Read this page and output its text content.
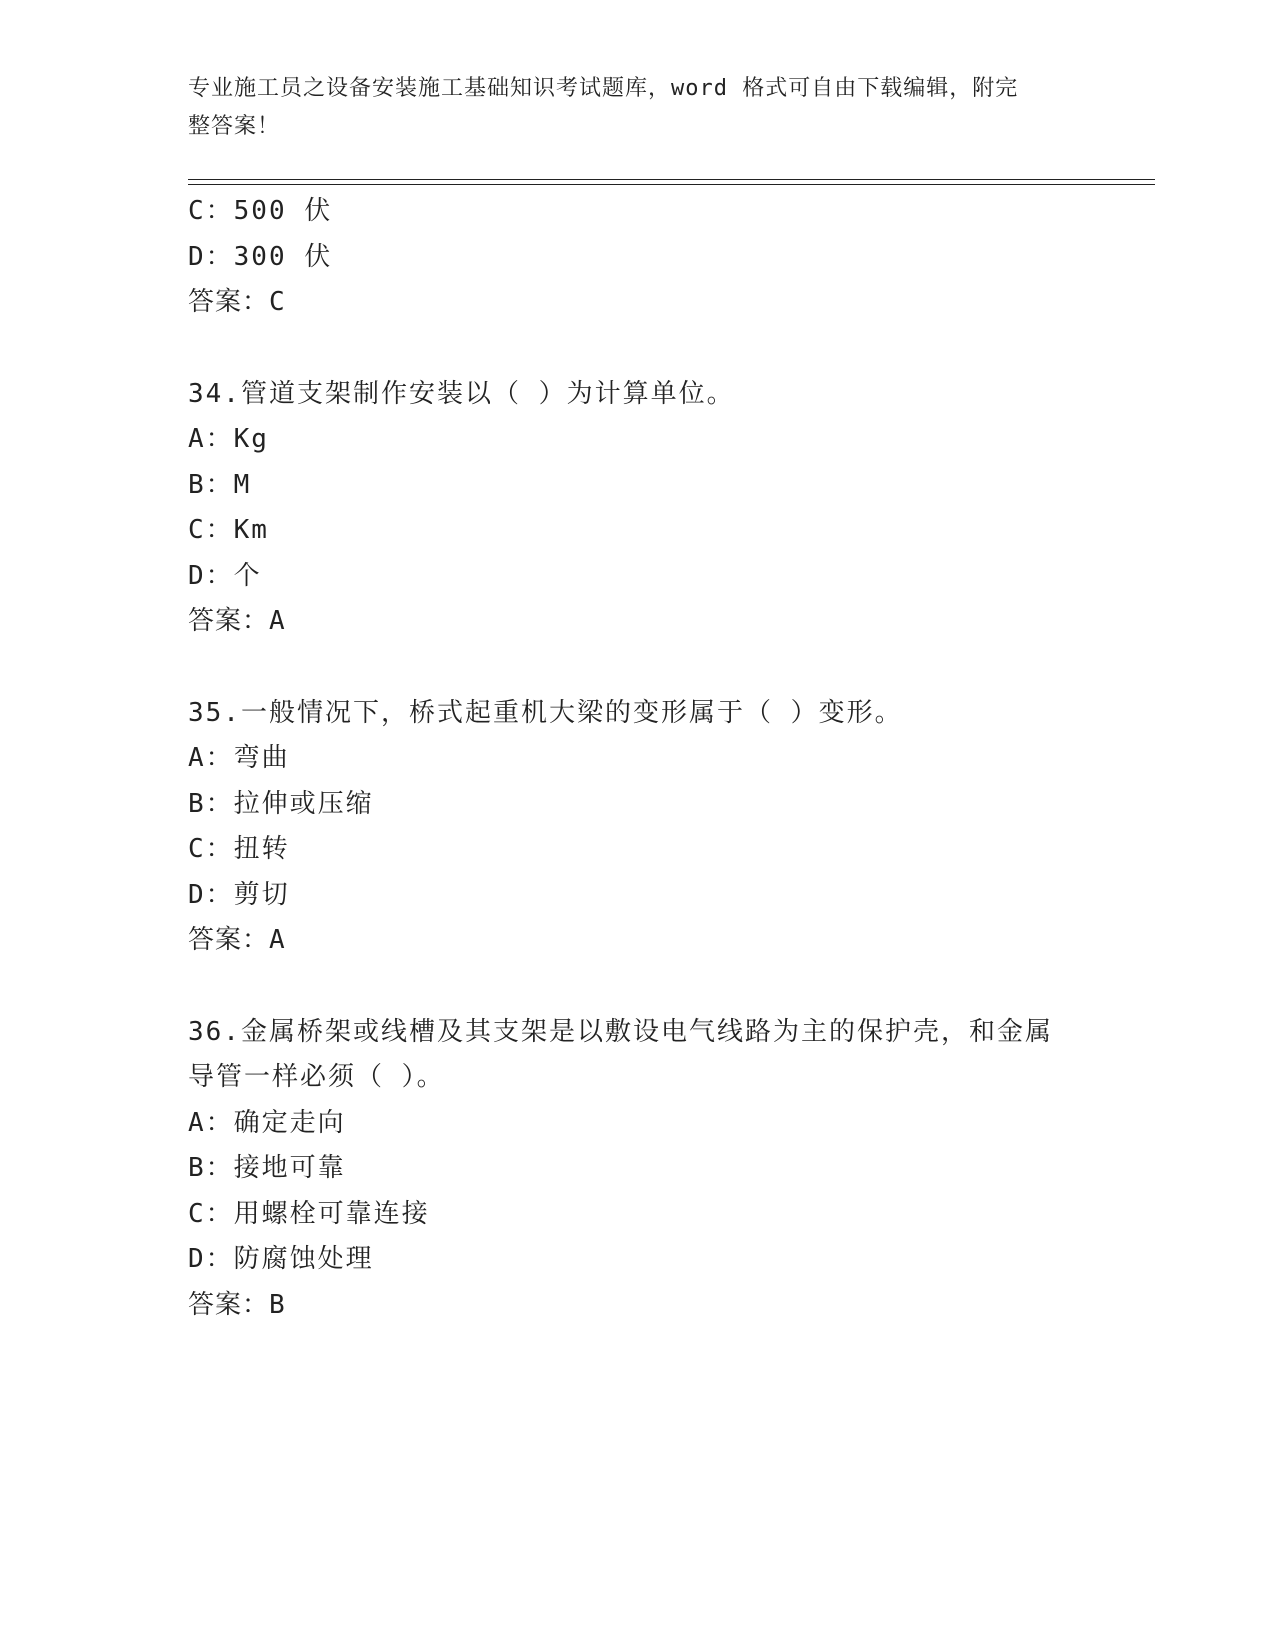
专业施工员之设备安装施工基础知识考试题库，word 格式可自由下载编辑，附完
整答案！
C：500 伏
D：300 伏
答案：C
34.管道支架制作安装以（ ）为计算单位。
A：Kg
B：M
C：Km
D：个
答案：A
35.一般情况下，桥式起重机大梁的变形属于（ ）变形。
A：弯曲
B：拉伸或压缩
C：扭转
D：剪切
答案：A
36.金属桥架或线槽及其支架是以敷设电气线路为主的保护壳，和金属
导管一样必须（ ）。
A：确定走向
B：接地可靠
C：用螺栓可靠连接
D：防腐蚀处理
答案：B
